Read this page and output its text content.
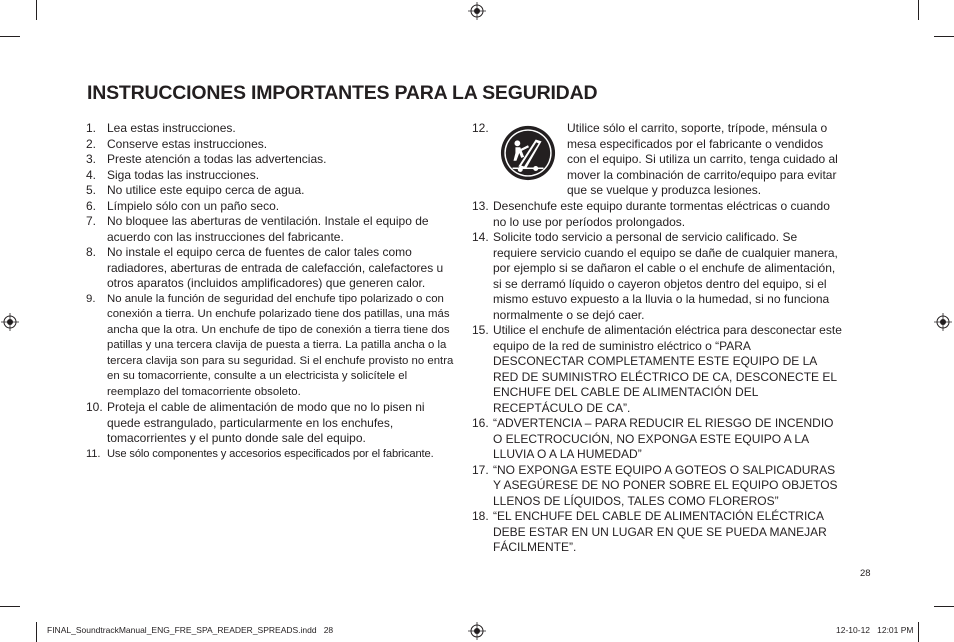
INSTRUCCIONES IMPORTANTES PARA LA SEGURIDAD

1. Lea estas instrucciones.

2. Conserve estas instrucciones.

3. Preste atención a todas las advertencias.

4. Siga todas las instrucciones.

5. No utilice este equipo cerca de agua.

6. Límpielo sólo con un paño seco.

7. No bloquee las aberturas de ventilación. Instale el equipo de acuerdo con las instrucciones del fabricante.

8. No instale el equipo cerca de fuentes de calor tales como radiadores, aberturas de entrada de calefacción, calefactores u otros aparatos (incluidos amplificadores) que generen calor.

9. No anule la función de seguridad del enchufe tipo polarizado o con conexión a tierra. Un enchufe polarizado tiene dos patillas, una más ancha que la otra. Un enchufe de tipo de conexión a tierra tiene dos patillas y una tercera clavija de puesta a tierra. La patilla ancha o la tercera clavija son para su seguridad. Si el enchufe provisto no entra en su tomacorriente, consulte a un electricista y solicítele el reemplazo del tomacorriente obsoleto.

10. Proteja el cable de alimentación de modo que no lo pisen ni quede estrangulado, particularmente en los enchufes, tomacorrientes y el punto donde sale del equipo.

11. Use sólo componentes y accesorios especificados por el fabricante.

12.	Utilice sólo el carrito, soporte, trípode, ménsula o mesa especificados por el fabricante o vendidos con el equipo. Si utiliza un carrito, tenga cuidado al mover la combinación de carrito/equipo para evitar que se vuelque y produzca lesiones.

13. Desenchufe este equipo durante tormentas eléctricas o cuando no lo use por períodos prolongados.

14. Solicite todo servicio a personal de servicio calificado. Se requiere servicio cuando el equipo se dañe de cualquier manera, por ejemplo si se dañaron el cable o el enchufe de alimentación, si se derramó líquido o cayeron objetos dentro del equipo, si el mismo estuvo expuesto a la lluvia o la humedad, si no funciona normalmente o se dejó caer.

15. Utilice el enchufe de alimentación eléctrica para desconectar este equipo de la red de suministro eléctrico o “PARA DESCONECTAR COMPLETAMENTE ESTE EQUIPO DE LA RED DE SUMINISTRO ELÉCTRICO DE CA, DESCONECTE EL ENCHUFE DEL CABLE DE ALIMENTACIÓN DEL RECEPTÁCULO DE CA”.

16. “ADVERTENCIA – PARA REDUCIR EL RIESGO DE INCENDIO O ELECTROCUCIÓN, NO EXPONGA ESTE EQUIPO A LA LLUVIA O A LA HUMEDAD”

17. “NO EXPONGA ESTE EQUIPO A GOTEOS O SALPICADURAS Y ASEGÚRESE DE NO PONER SOBRE EL EQUIPO OBJETOS LLENOS DE LÍQUIDOS, TALES COMO FLOREROS”

18. “EL ENCHUFE DEL CABLE DE ALIMENTACIÓN ELÉCTRICA DEBE ESTAR EN UN LUGAR EN QUE SE PUEDA MANEJAR FÁCILMENTE”.

28
FINAL_SoundtrackManual_ENG_FRE_SPA_READER_SPREADS.indd   28	12-10-12   12:01 PM
